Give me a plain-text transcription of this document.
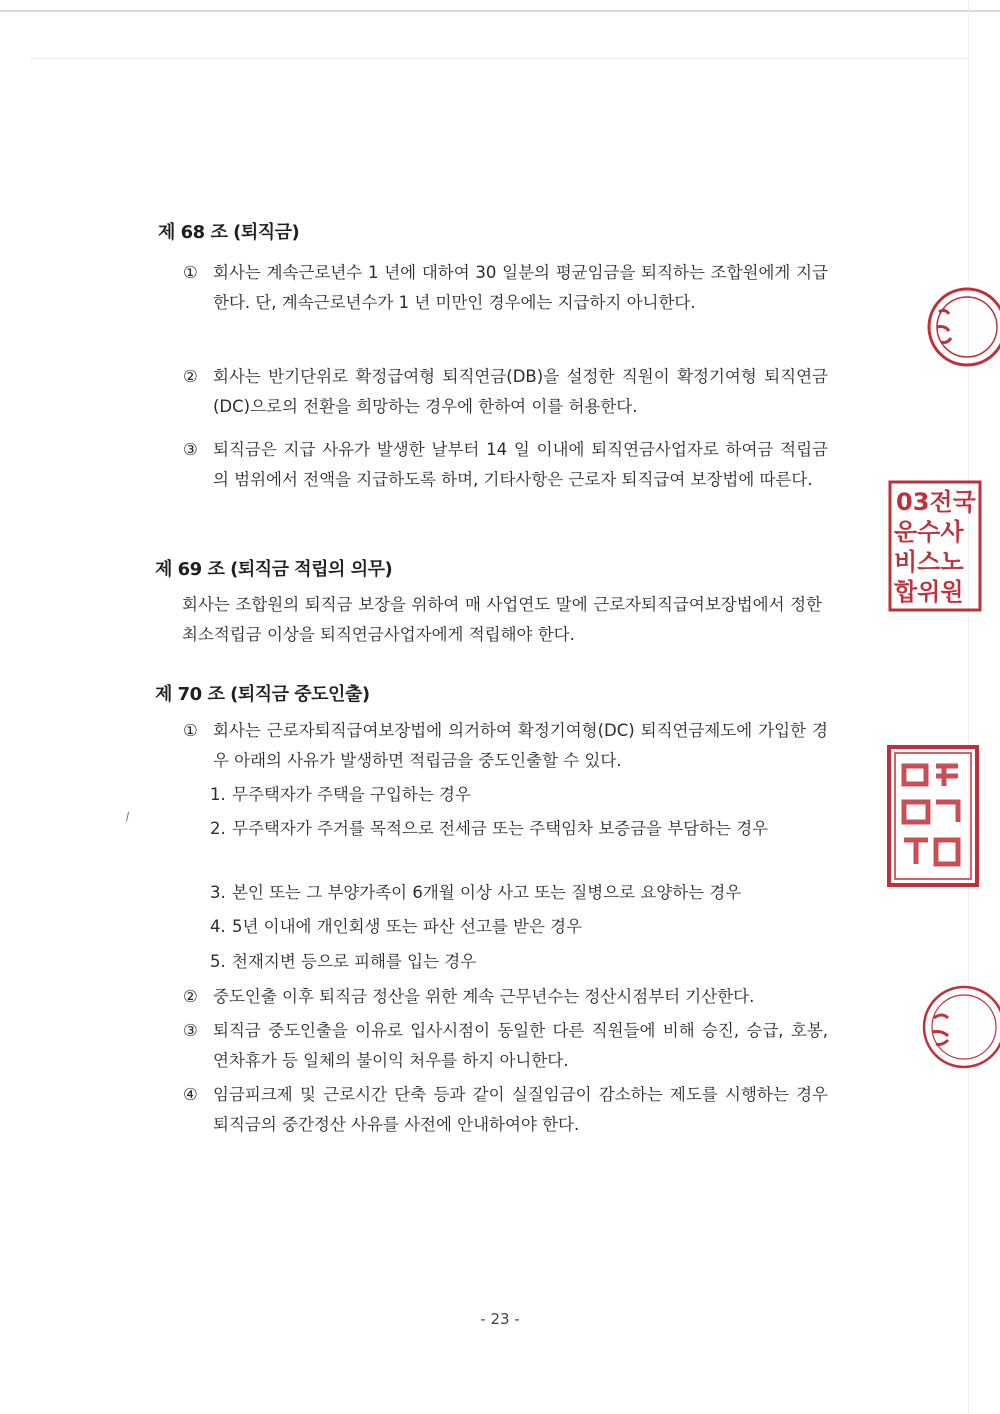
제 68 조 (퇴직금)
① 회사는 계속근로년수 1 년에 대하여 30 일분의 평균임금을 퇴직하는 조합원에게 지급한다. 단, 계속근로년수가 1 년 미만인 경우에는 지급하지 아니한다.
② 회사는 반기단위로 확정급여형 퇴직연금(DB)을 설정한 직원이 확정기여형 퇴직연금(DC)으로의 전환을 희망하는 경우에 한하여 이를 허용한다.
③ 퇴직금은 지급 사유가 발생한 날부터 14 일 이내에 퇴직연금사업자로 하여금 적립금의 범위에서 전액을 지급하도록 하며, 기타사항은 근로자 퇴직급여 보장법에 따른다.
제 69 조 (퇴직금 적립의 의무)
회사는 조합원의 퇴직금 보장을 위하여 매 사업연도 말에 근로자퇴직급여보장법에서 정한 최소적립금 이상을 퇴직연금사업자에게 적립해야 한다.
제 70 조 (퇴직금 중도인출)
① 회사는 근로자퇴직급여보장법에 의거하여 확정기여형(DC) 퇴직연금제도에 가입한 경우 아래의 사유가 발생하면 적립금을 중도인출할 수 있다.
1. 무주택자가 주택을 구입하는 경우
2. 무주택자가 주거를 목적으로 전세금 또는 주택임차 보증금을 부담하는 경우
3. 본인 또는 그 부양가족이 6개월 이상 사고 또는 질병으로 요양하는 경우
4. 5년 이내에 개인회생 또는 파산 선고를 받은 경우
5. 천재지변 등으로 피해를 입는 경우
② 중도인출 이후 퇴직금 정산을 위한 계속 근무년수는 정산시점부터 기산한다.
③ 퇴직금 중도인출을 이유로 입사시점이 동일한 다른 직원들에 비해 승진, 승급, 호봉, 연차휴가 등 일체의 불이익 처우를 하지 아니한다.
④ 임금피크제 및 근로시간 단축 등과 같이 실질임금이 감소하는 제도를 시행하는 경우 퇴직금의 중간정산 사유를 사전에 안내하여야 한다.
- 23 -
03전국
운수사
비스노
합위원
